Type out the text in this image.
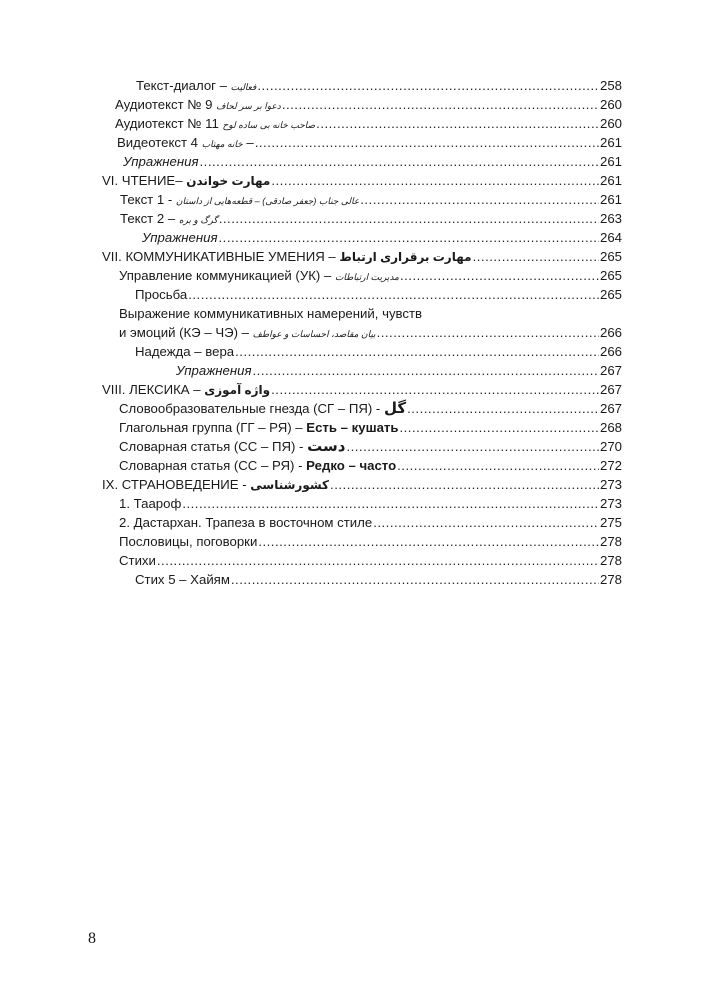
Текст-диалог – فعالیت .....	258
Аудиотекст № 9 دعوا بر سر لحاف .....	260
Аудиотекст № 11 صاحب خانه بی ساده لوح .....	260
Видеотекст 4 خانه مهتاب – .....	261
Упражнения .....	261
VI. ЧТЕНИЕ– مهارت خواندن .....	261
Текст 1 - عالی جناب (جعفر صادقی) – قطعه‌هایی از داستان .....	261
Текст 2 – گرگ و بره .....	263
Упражнения .....	264
VII. КОММУНИКАТИВНЫЕ УМЕНИЯ – مهارت برقراری ارتباط .....	265
Управление коммуникацией (УК) – مدیریت ارتباطات .....	265
Просьба .....	265
Выражение коммуникативных намерений, чувств
и эмоций (КЭ – ЧЭ) – بیان مقاصد، احساسات و عواطف .....	266
Надежда – вера .....	266
Упражнения .....	267
VIII. ЛЕКСИКА – واژه آموزی .....	267
Словообразовательные гнезда (СГ – ПЯ) - گل .....	267
Глагольная группа (ГГ – РЯ) – Есть – кушать .....	268
Словарная статья (СС – ПЯ) - دست .....	270
Словарная статья (СС – РЯ) - Редко – часто .....	272
IX. СТРАНОВЕДЕНИЕ - کشورشناسی .....	273
1. Таароф .....	273
2. Дастархан. Трапеза в восточном стиле .....	275
Пословицы, поговорки .....	278
Стихи .....	278
Стих 5 – Хайям .....	278
8
